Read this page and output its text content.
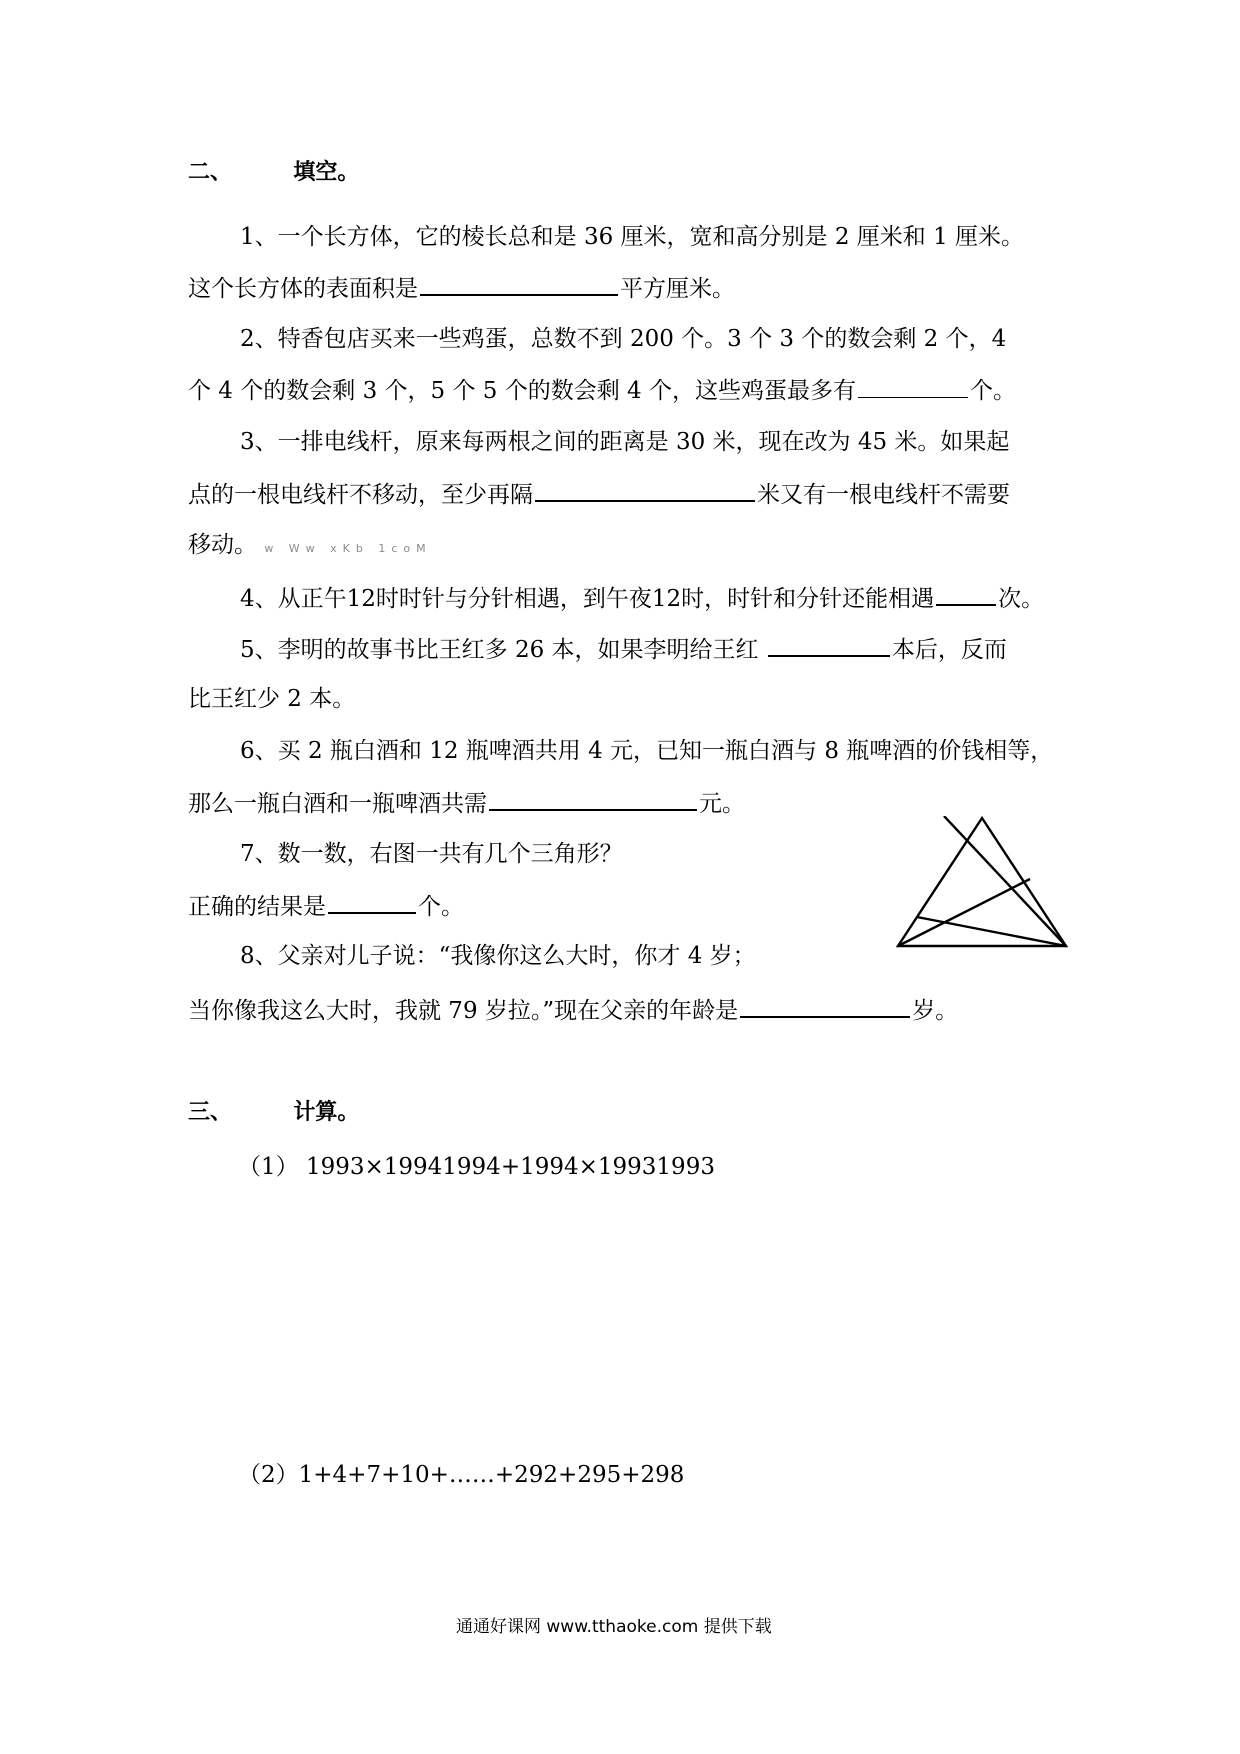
二、	填空。
1、一个长方体，它的棱长总和是 36 厘米，宽和高分别是 2 厘米和 1 厘米。
这个长方体的表面积是	平方厘米。
2、特香包店买来一些鸡蛋，总数不到 200 个。3 个 3 个的数会剩 2 个，4
个 4 个的数会剩 3 个，5 个 5 个的数会剩 4 个，这些鸡蛋最多有	个。
3、一排电线杆，原来每两根之间的距离是 30 米，现在改为 45 米。如果起
点的一根电线杆不移动，至少再隔	米又有一根电线杆不需要
移动。 w Ww xKb 1coM
4、从正午12时时针与分针相遇，到午夜12时，时针和分针还能相遇	次。
5、李明的故事书比王红多 26 本，如果李明给王红	本后，反而
比王红少 2 本。
6、买 2 瓶白酒和 12 瓶啤酒共用 4 元，已知一瓶白酒与 8 瓶啤酒的价钱相等，
那么一瓶白酒和一瓶啤酒共需	元。
7、数一数，右图一共有几个三角形？
正确的结果是	个。
8、父亲对儿子说：“我像你这么大时，你才 4 岁；
当你像我这么大时，我就 79 岁拉。”现在父亲的年龄是	岁。
三、	计算。
（1） 1993×19941994+1994×19931993
（2）1+4+7+10+……+292+295+298
通通好课网 www.tthaoke.com 提供下载
